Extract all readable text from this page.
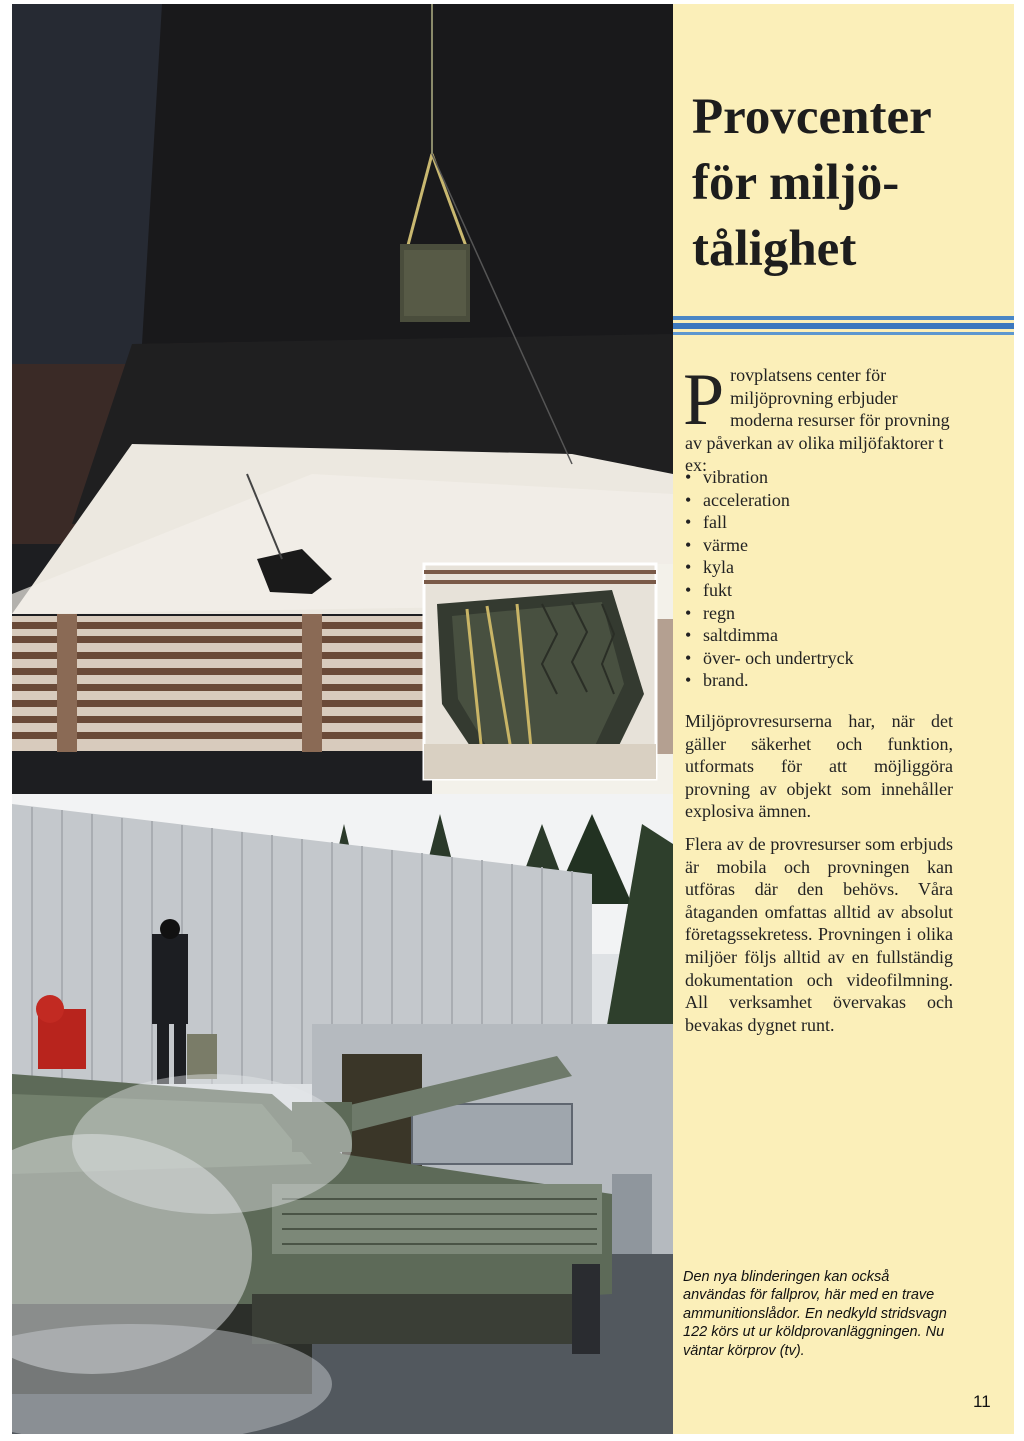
Provcenter
för miljö-
tålighet

Provplatsens center för miljöprovning erbjuder moderna resurser för provning av påverkan av olika miljöfaktorer t ex:

• vibration
• acceleration
• fall
• värme
• kyla
• fukt
• regn
• saltdimma
• över- och undertryck
• brand.

Miljöprovresurserna har, när det gäller säkerhet och funktion, utformats för att möjliggöra provning av objekt som innehåller explosiva ämnen.

Flera av de provresurser som erbjuds är mobila och provningen kan utföras där den behövs. Våra åtaganden omfattas alltid av absolut företagssekretess. Provningen i olika miljöer följs alltid av en fullständig dokumentation och videofilmning. All verksamhet övervakas och bevakas dygnet runt.

Den nya blinderingen kan också användas för fallprov, här med en trave ammunitionslådor. En nedkyld stridsvagn 122 körs ut ur köldprovanläggningen. Nu väntar körprov (tv).

11
